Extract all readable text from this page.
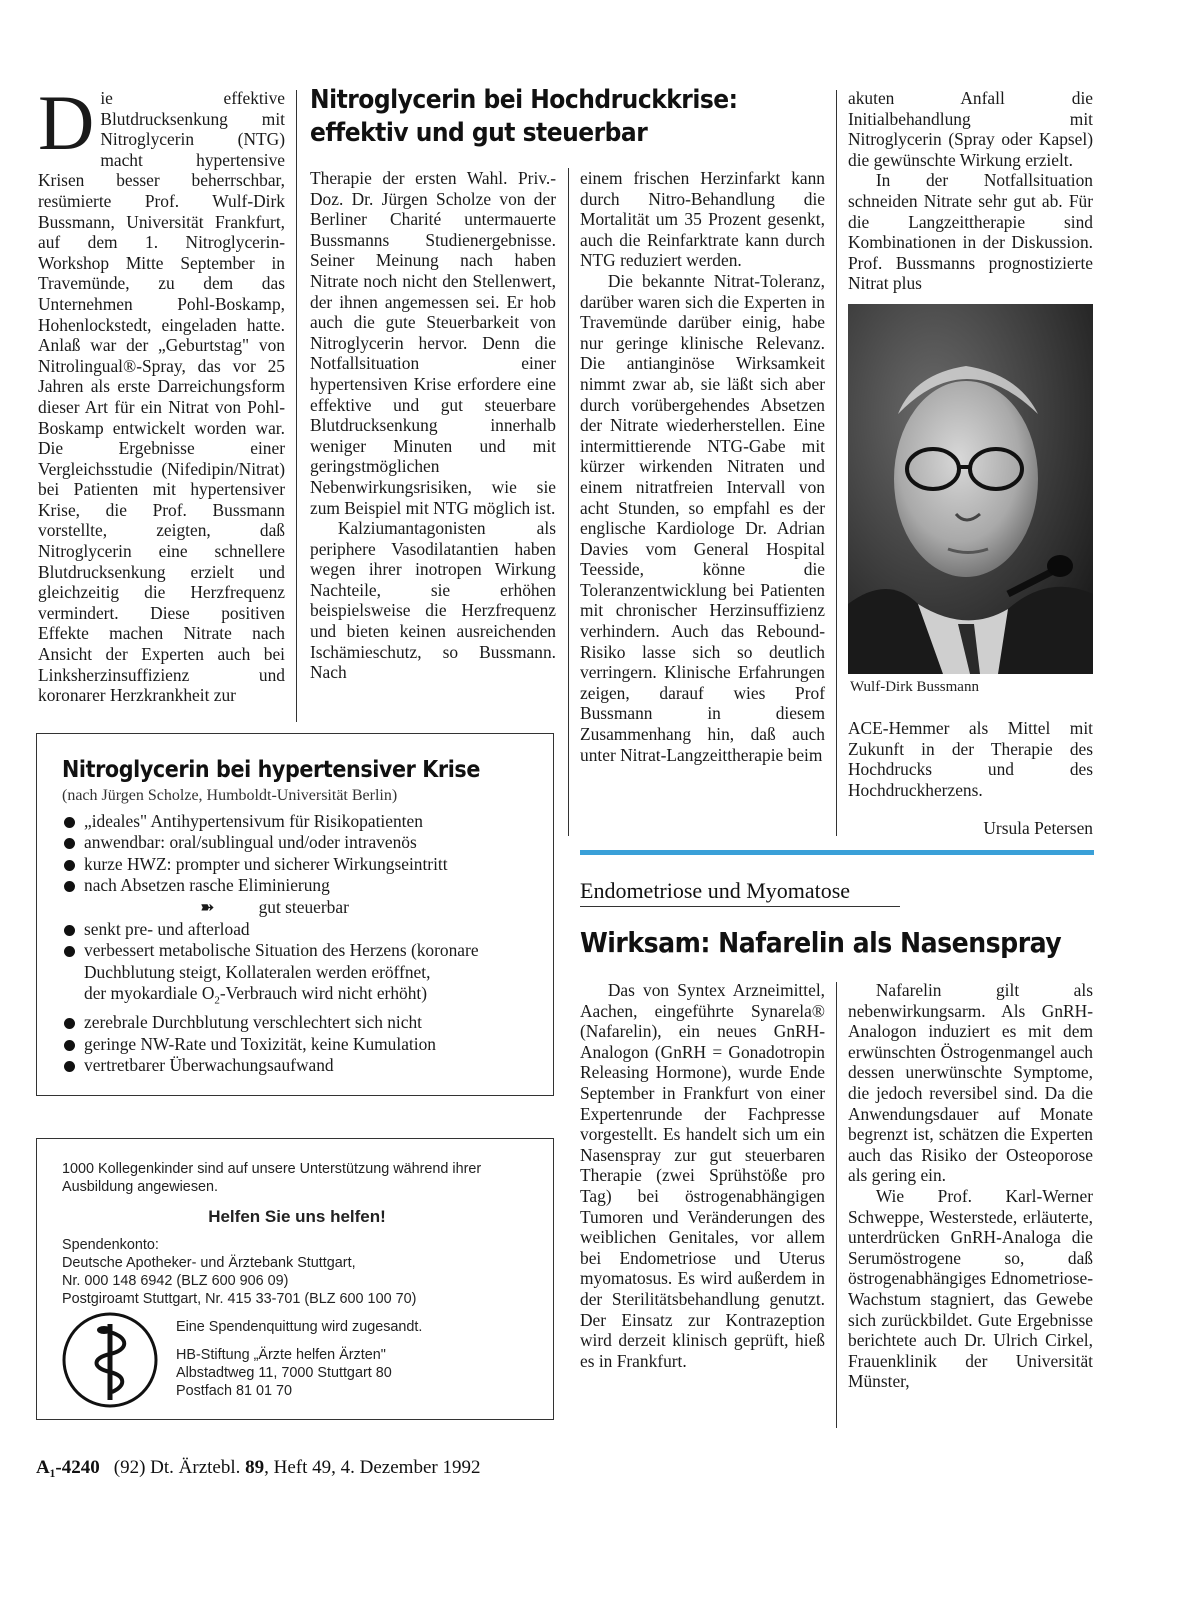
D ie effektive Blutdrucksenkung mit Nitroglycerin (NTG) macht hypertensive Krisen besser beherrschbar, resümierte Prof. Wulf-Dirk Bussmann, Universität Frankfurt, auf dem 1. Nitroglycerin-Workshop Mitte September in Travemünde, zu dem das Unternehmen Pohl-Boskamp, Hohenlockstedt, eingeladen hatte. Anlaß war der „Geburtstag" von Nitrolingual®-Spray, das vor 25 Jahren als erste Darreichungsform dieser Art für ein Nitrat von Pohl-Boskamp entwickelt worden war. Die Ergebnisse einer Vergleichsstudie (Nifedipin/Nitrat) bei Patienten mit hypertensiver Krise, die Prof. Bussmann vorstellte, zeigten, daß Nitroglycerin eine schnellere Blutdrucksenkung erzielt und gleichzeitig die Herzfrequenz vermindert. Diese positiven Effekte machen Nitrate nach Ansicht der Experten auch bei Linksherzinsuffizienz und koronarer Herzkrankheit zur

Nitroglycerin bei Hochdruckkrise:
effektiv und gut steuerbar

Therapie der ersten Wahl. Priv.-Doz. Dr. Jürgen Scholze von der Berliner Charité untermauerte Bussmanns Studienergebnisse. Seiner Meinung nach haben Nitrate noch nicht den Stellenwert, der ihnen angemessen sei. Er hob auch die gute Steuerbarkeit von Nitroglycerin hervor. Denn die Notfallsituation einer hypertensiven Krise erfordere eine effektive und gut steuerbare Blutdrucksenkung innerhalb weniger Minuten und mit geringstmöglichen Nebenwirkungsrisiken, wie sie zum Beispiel mit NTG möglich ist.

Kalziumantagonisten als periphere Vasodilatantien haben wegen ihrer inotropen Wirkung Nachteile, sie erhöhen beispielsweise die Herzfrequenz und bieten keinen ausreichenden Ischämieschutz, so Bussmann. Nach

einem frischen Herzinfarkt kann durch Nitro-Behandlung die Mortalität um 35 Prozent gesenkt, auch die Reinfarktrate kann durch NTG reduziert werden.

Die bekannte Nitrat-Toleranz, darüber waren sich die Experten in Travemünde darüber einig, habe nur geringe klinische Relevanz. Die antianginöse Wirksamkeit nimmt zwar ab, sie läßt sich aber durch vorübergehendes Absetzen der Nitrate wiederherstellen. Eine intermittierende NTG-Gabe mit kürzer wirkenden Nitraten und einem nitratfreien Intervall von acht Stunden, so empfahl es der englische Kardiologe Dr. Adrian Davies vom General Hospital Teesside, könne die Toleranzentwicklung bei Patienten mit chronischer Herzinsuffizienz verhindern. Auch das Rebound-Risiko lasse sich so deutlich verringern. Klinische Erfahrungen zeigen, darauf wies Prof Bussmann in diesem Zusammenhang hin, daß auch unter Nitrat-Langzeittherapie beim

akuten Anfall die Initialbehandlung mit Nitroglycerin (Spray oder Kapsel) die gewünschte Wirkung erzielt.

In der Notfallsituation schneiden Nitrate sehr gut ab. Für die Langzeittherapie sind Kombinationen in der Diskussion. Prof. Bussmanns prognostizierte Nitrat plus

Wulf-Dirk Bussmann

ACE-Hemmer als Mittel mit Zukunft in der Therapie des Hochdrucks und des Hochdruckherzens.

Ursula Petersen
Nitroglycerin bei hypertensiver Krise
(nach Jürgen Scholze, Humboldt-Universität Berlin)
„ideales" Antihypertensivum für Risikopatienten
anwendbar: oral/sublingual und/oder intravenös
kurze HWZ: prompter und sicherer Wirkungseintritt
nach Absetzen rasche Eliminierung
➽	gut steuerbar
senkt pre- und afterload
verbessert metabolische Situation des Herzens (koronare
Duchblutung steigt, Kollateralen werden eröffnet,
der myokardiale $O_2$-Verbrauch wird nicht erhöht)
zerebrale Durchblutung verschlechtert sich nicht
geringe NW-Rate und Toxizität, keine Kumulation
vertretbarer Überwachungsaufwand
1000 Kollegenkinder sind auf unsere Unterstützung während ihrer Ausbildung angewiesen.
Helfen Sie uns helfen!
Spendenkonto:
Deutsche Apotheker- und Ärztebank Stuttgart,
Nr. 000 148 6942 (BLZ 600 906 09)
Postgiroamt Stuttgart, Nr. 415 33-701 (BLZ 600 100 70)
Eine Spendenquittung wird zugesandt.
HB-Stiftung „Ärzte helfen Ärzten"
Albstadtweg 11, 7000 Stuttgart 80
Postfach 81 01 70
Endometriose und Myomatose
Wirksam: Nafarelin als Nasenspray

Das von Syntex Arzneimittel, Aachen, eingeführte Synarela® (Nafarelin), ein neues GnRH-Analogon (GnRH = Gonadotropin Releasing Hormone), wurde Ende September in Frankfurt von einer Expertenrunde der Fachpresse vorgestellt. Es handelt sich um ein Nasenspray zur gut steuerbaren Therapie (zwei Sprühstöße pro Tag) bei östrogenabhängigen Tumoren und Veränderungen des weiblichen Genitales, vor allem bei Endometriose und Uterus myomatosus. Es wird außerdem in der Sterilitätsbehandlung genutzt. Der Einsatz zur Kontrazeption wird derzeit klinisch geprüft, hieß es in Frankfurt.

Nafarelin gilt als nebenwirkungsarm. Als GnRH-Analogon induziert es mit dem erwünschten Östrogenmangel auch dessen unerwünschte Symptome, die jedoch reversibel sind. Da die Anwendungsdauer auf Monate begrenzt ist, schätzen die Experten auch das Risiko der Osteoporose als gering ein.

Wie Prof. Karl-Werner Schweppe, Westerstede, erläuterte, unterdrücken GnRH-Analoga die Serumöstrogene so, daß östrogenabhängiges Ednometriose-Wachstum stagniert, das Gewebe sich zurückbildet. Gute Ergebnisse berichtete auch Dr. Ulrich Cirkel, Frauenklinik der Universität Münster,

A₁-4240 (92) Dt. Ärztebl. 89, Heft 49, 4. Dezember 1992
